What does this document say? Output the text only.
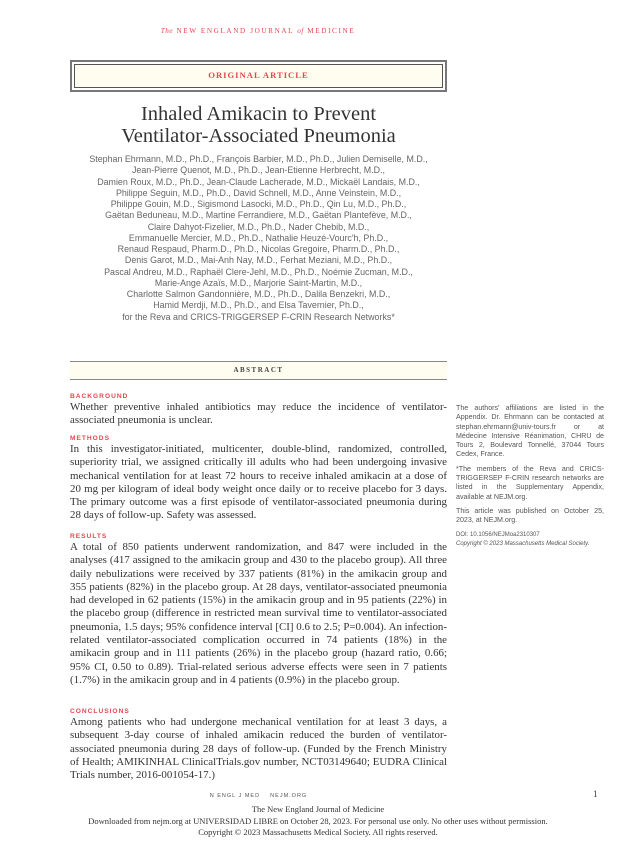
The NEW ENGLAND JOURNAL of MEDICINE
ORIGINAL ARTICLE
Inhaled Amikacin to Prevent
Ventilator-Associated Pneumonia
Stephan Ehrmann, M.D., Ph.D., François Barbier, M.D., Ph.D., Julien Demiselle, M.D.,
Jean-Pierre Quenot, M.D., Ph.D., Jean-Etienne Herbrecht, M.D.,
Damien Roux, M.D., Ph.D., Jean-Claude Lacherade, M.D., Mickaël Landais, M.D.,
Philippe Seguin, M.D., Ph.D., David Schnell, M.D., Anne Veinstein, M.D.,
Philippe Gouin, M.D., Sigismond Lasocki, M.D., Ph.D., Qin Lu, M.D., Ph.D.,
Gaëtan Beduneau, M.D., Martine Ferrandiere, M.D., Gaëtan Plantefève, M.D.,
Claire Dahyot-Fizelier, M.D., Ph.D., Nader Chebib, M.D.,
Emmanuelle Mercier, M.D., Ph.D., Nathalie Heuzé-Vourc'h, Ph.D.,
Renaud Respaud, Pharm.D., Ph.D., Nicolas Gregoire, Pharm.D., Ph.D.,
Denis Garot, M.D., Mai-Anh Nay, M.D., Ferhat Meziani, M.D., Ph.D.,
Pascal Andreu, M.D., Raphaël Clere-Jehl, M.D., Ph.D., Noémie Zucman, M.D.,
Marie-Ange Azaïs, M.D., Marjorie Saint-Martin, M.D.,
Charlotte Salmon Gandonnière, M.D., Ph.D., Dalila Benzekri, M.D.,
Hamid Merdji, M.D., Ph.D., and Elsa Tavernier, Ph.D.,
for the Reva and CRICS-TRIGGERSEP F-CRIN Research Networks*
ABSTRACT
BACKGROUND

Whether preventive inhaled antibiotics may reduce the incidence of ventilator-associated pneumonia is unclear.

METHODS

In this investigator-initiated, multicenter, double-blind, randomized, controlled, superiority trial, we assigned critically ill adults who had been undergoing invasive mechanical ventilation for at least 72 hours to receive inhaled amikacin at a dose of 20 mg per kilogram of ideal body weight once daily or to receive placebo for 3 days. The primary outcome was a first episode of ventilator-associated pneumonia during 28 days of follow-up. Safety was assessed.

RESULTS

A total of 850 patients underwent randomization, and 847 were included in the analyses (417 assigned to the amikacin group and 430 to the placebo group). All three daily nebulizations were received by 337 patients (81%) in the amikacin group and 355 patients (82%) in the placebo group. At 28 days, ventilator-associated pneumonia had developed in 62 patients (15%) in the amikacin group and in 95 patients (22%) in the placebo group (difference in restricted mean survival time to ventilator-associated pneumonia, 1.5 days; 95% confidence interval [CI] 0.6 to 2.5; P=0.004). An infection-related ventilator-associated complication occurred in 74 patients (18%) in the amikacin group and in 111 patients (26%) in the placebo group (hazard ratio, 0.66; 95% CI, 0.50 to 0.89). Trial-related serious adverse effects were seen in 7 patients (1.7%) in the amikacin group and in 4 patients (0.9%) in the placebo group.

CONCLUSIONS

Among patients who had undergone mechanical ventilation for at least 3 days, a subsequent 3-day course of inhaled amikacin reduced the burden of ventilator-associated pneumonia during 28 days of follow-up. (Funded by the French Ministry of Health; AMIKINHAL ClinicalTrials.gov number, NCT03149640; EUDRA Clinical Trials number, 2016-001054-17.)

The authors' affiliations are listed in the Appendix. Dr. Ehrmann can be contacted at stephan.ehrmann@univ-tours.fr or at Médecine Intensive Réanimation, CHRU de Tours 2, Boulevard Tonnellé, 37044 Tours Cedex, France.

*The members of the Reva and CRICS-TRIGGERSEP F-CRIN research networks are listed in the Supplementary Appendix, available at NEJM.org.

This article was published on October 25, 2023, at NEJM.org.

DOI: 10.1056/NEJMoa2310307

Copyright © 2023 Massachusetts Medical Society.

N ENGL J MED    NEJM.ORG	1
The New England Journal of Medicine
Downloaded from nejm.org at UNIVERSIDAD LIBRE on October 28, 2023. For personal use only. No other uses without permission.
Copyright © 2023 Massachusetts Medical Society. All rights reserved.
